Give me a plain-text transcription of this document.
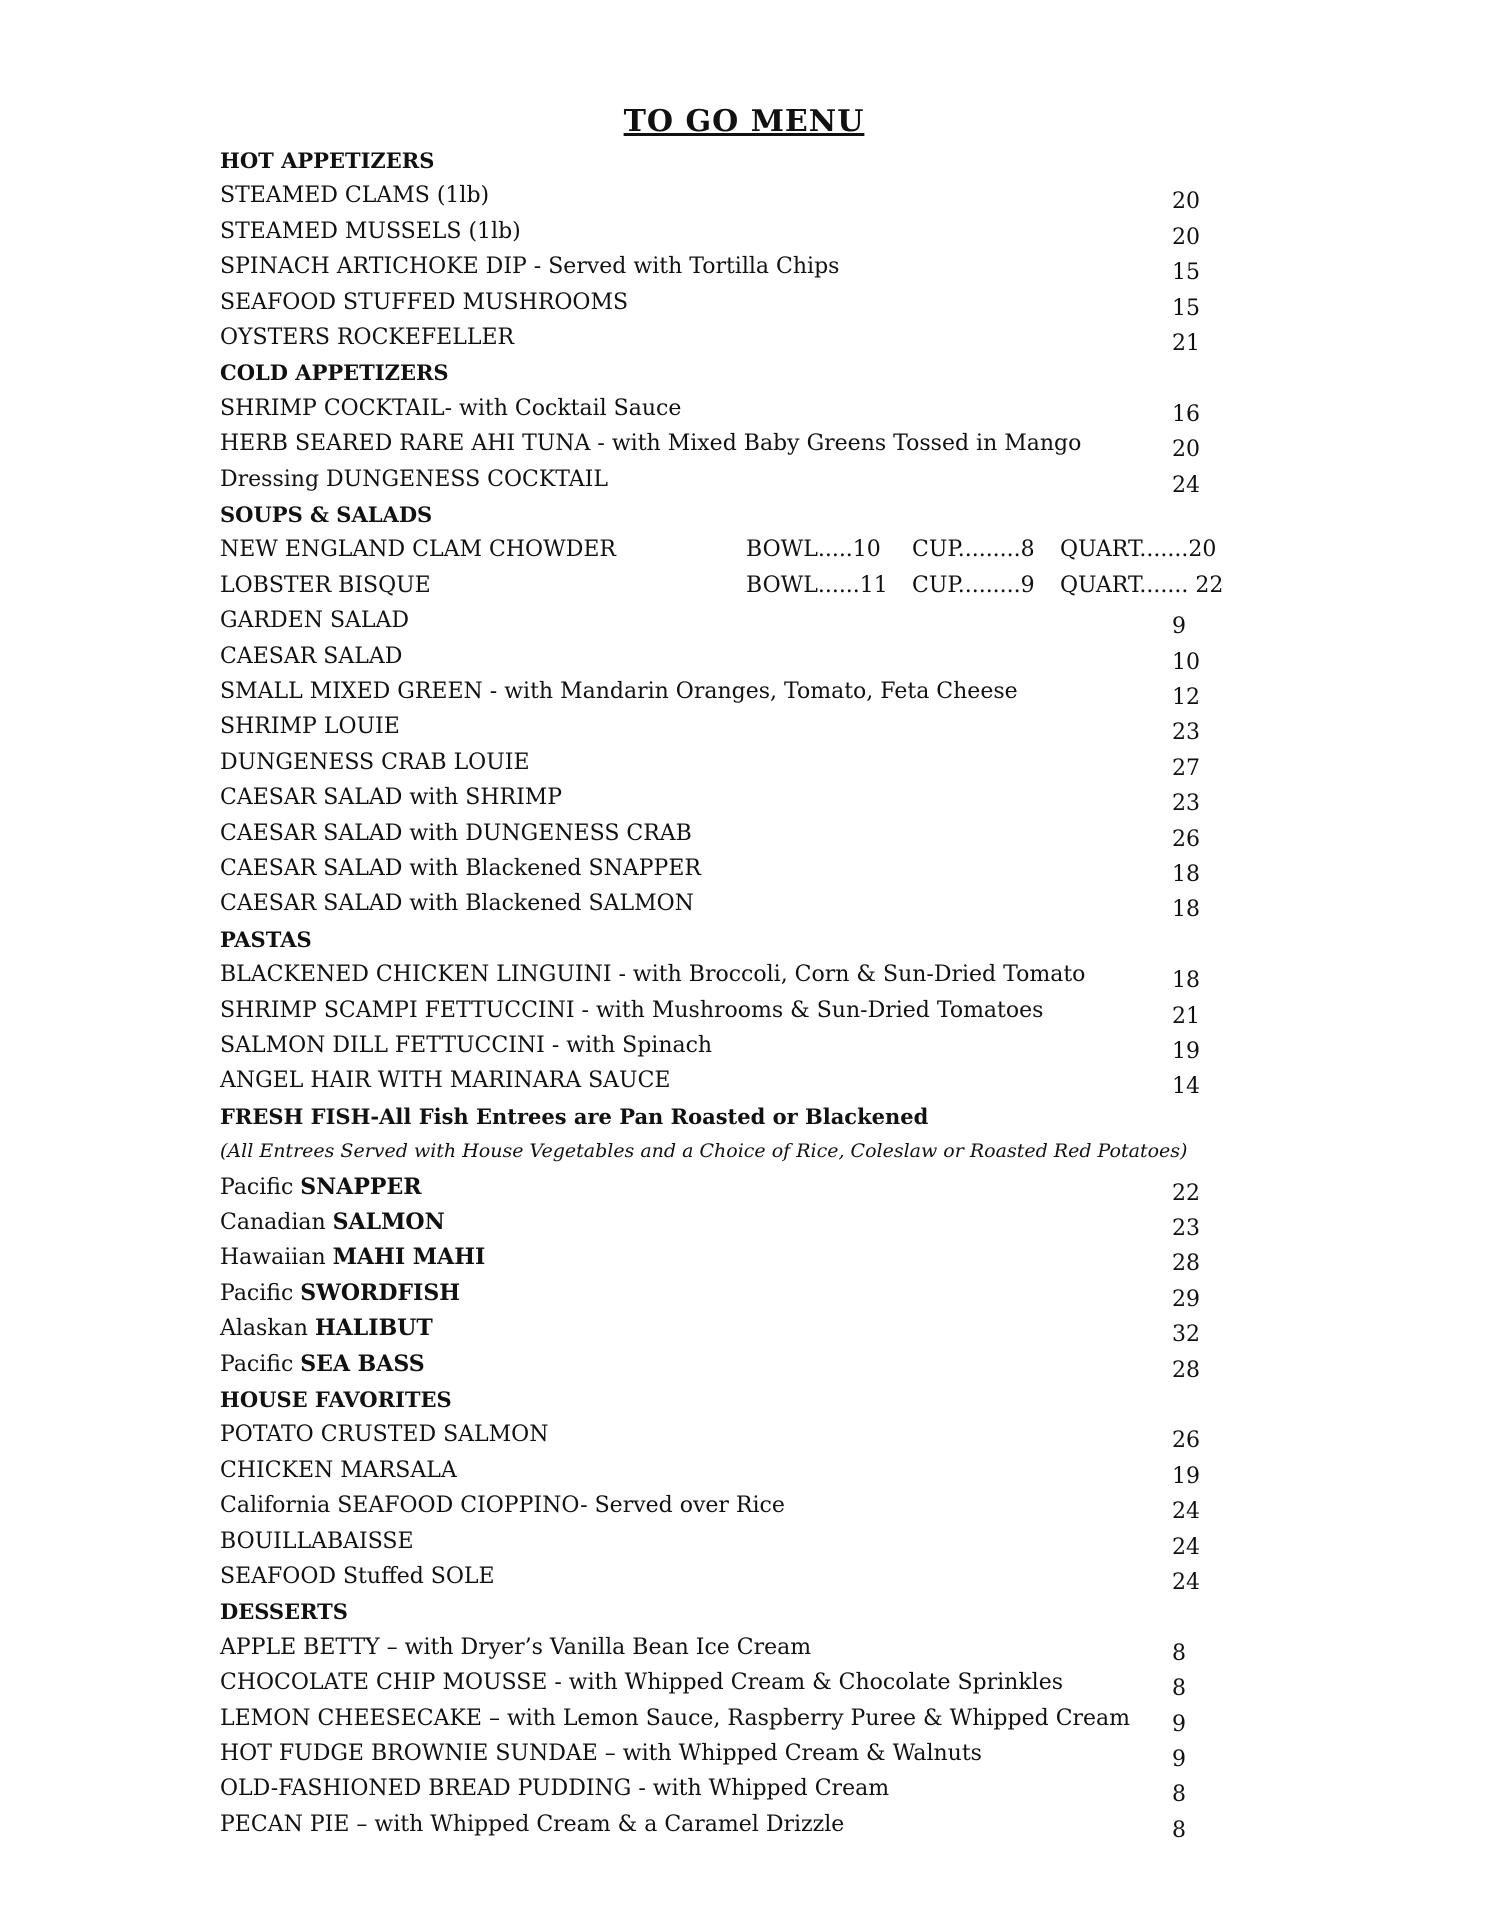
TO GO MENU
HOT APPETIZERS
STEAMED CLAMS (1lb)	20
STEAMED MUSSELS (1lb)	20
SPINACH ARTICHOKE DIP - Served with Tortilla Chips	15
SEAFOOD STUFFED MUSHROOMS	15
OYSTERS ROCKEFELLER	21
COLD APPETIZERS
SHRIMP COCKTAIL- with Cocktail Sauce	16
HERB SEARED RARE AHI TUNA - with Mixed Baby Greens Tossed in Mango	20
Dressing DUNGENESS COCKTAIL	24
SOUPS & SALADS
NEW ENGLAND CLAM CHOWDER	BOWL.....10 CUP.........8 QUART.......20
LOBSTER BISQUE	BOWL......11 CUP.........9 QUART....... 22
GARDEN SALAD	9
CAESAR SALAD	10
SMALL MIXED GREEN - with Mandarin Oranges, Tomato, Feta Cheese	12
SHRIMP LOUIE	23
DUNGENESS CRAB LOUIE	27
CAESAR SALAD with SHRIMP	23
CAESAR SALAD with DUNGENESS CRAB	26
CAESAR SALAD with Blackened SNAPPER	18
CAESAR SALAD with Blackened SALMON	18
PASTAS
BLACKENED CHICKEN LINGUINI - with Broccoli, Corn & Sun-Dried Tomato	18
SHRIMP SCAMPI FETTUCCINI - with Mushrooms & Sun-Dried Tomatoes	21
SALMON DILL FETTUCCINI - with Spinach	19
ANGEL HAIR WITH MARINARA SAUCE	14
FRESH FISH-All Fish Entrees are Pan Roasted or Blackened
(All Entrees Served with House Vegetables and a Choice of Rice, Coleslaw or Roasted Red Potatoes)
Pacific SNAPPER	22
Canadian SALMON	23
Hawaiian MAHI MAHI	28
Pacific SWORDFISH	29
Alaskan HALIBUT	32
Pacific SEA BASS	28
HOUSE FAVORITES
POTATO CRUSTED SALMON	26
CHICKEN MARSALA	19
California SEAFOOD CIOPPINO- Served over Rice	24
BOUILLABAISSE	24
SEAFOOD Stuffed SOLE	24
DESSERTS
APPLE BETTY – with Dryer’s Vanilla Bean Ice Cream	8
CHOCOLATE CHIP MOUSSE - with Whipped Cream & Chocolate Sprinkles	8
LEMON CHEESECAKE – with Lemon Sauce, Raspberry Puree & Whipped Cream 9
HOT FUDGE BROWNIE SUNDAE – with Whipped Cream & Walnuts	9
OLD-FASHIONED BREAD PUDDING - with Whipped Cream	8
PECAN PIE – with Whipped Cream & a Caramel Drizzle	8
